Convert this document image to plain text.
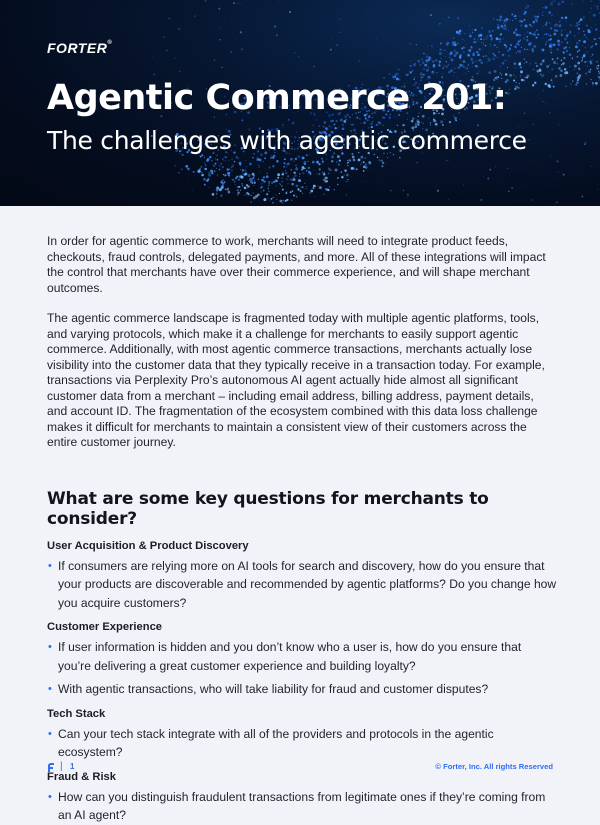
FORTER®
Agentic Commerce 201:
The challenges with agentic commerce

In order for agentic commerce to work, merchants will need to integrate product feeds, checkouts, fraud controls, delegated payments, and more. All of these integrations will impact the control that merchants have over their commerce experience, and will shape merchant outcomes.

The agentic commerce landscape is fragmented today with multiple agentic platforms, tools, and varying protocols, which make it a challenge for merchants to easily support agentic commerce. Additionally, with most agentic commerce transactions, merchants actually lose visibility into the customer data that they typically receive in a transaction today. For example, transactions via Perplexity Pro’s autonomous AI agent actually hide almost all significant customer data from a merchant – including email address, billing address, payment details, and account ID. The fragmentation of the ecosystem combined with this data loss challenge makes it difficult for merchants to maintain a consistent view of their customers across the entire customer journey.

What are some key questions for merchants to consider?
User Acquisition & Product Discovery
• If consumers are relying more on AI tools for search and discovery, how do you ensure that your products are discoverable and recommended by agentic platforms? Do you change how you acquire customers?
Customer Experience
• If user information is hidden and you don’t know who a user is, how do you ensure that you’re delivering a great customer experience and building loyalty?
• With agentic transactions, who will take liability for fraud and customer disputes?
Tech Stack
• Can your tech stack integrate with all of the providers and protocols in the agentic ecosystem?
Fraud & Risk
• How can you distinguish fraudulent transactions from legitimate ones if they’re coming from an AI agent?
| 1	© Forter, Inc. All rights Reserved
